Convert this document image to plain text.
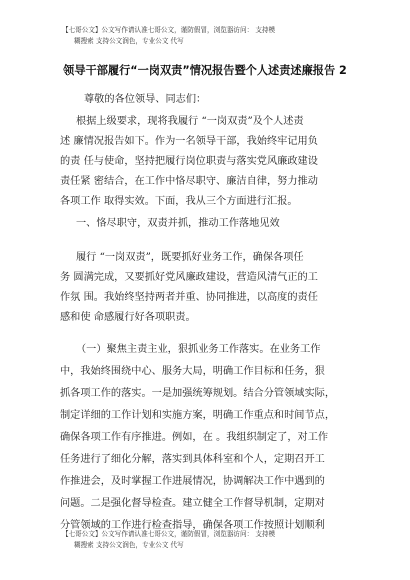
【七哥公文】公文写作请认准七哥公文，谨防假冒，浏览器访问： 支持模
糊搜索 支持公文润色，专业公文 代写
领导干部履行“一岗双责”情况报告暨个人述责述廉报告 2
尊敬的各位领导、同志们：
根据上级要求，现将我履行 “一岗双责”及个人述责
述 廉情况报告如下。作为一名领导干部，我始终牢记用负
的责 任与使命，坚持把履行岗位职责与落实党风廉政建设
责任紧 密结合，在工作中恪尽职守、廉洁自律，努力推动
各项工作 取得实效。下面，我从三个方面进行汇报。
一、恪尽职守，双责并抓，推动工作落地见效
履行 “一岗双责”，既要抓好业务工作，确保各项任
务 圆满完成，又要抓好党风廉政建设，营造风清气正的工
作氛 围。我始终坚持两者并重、协同推进，以高度的责任
感和使 命感履行好各项职责。
（一）聚焦主责主业，狠抓业务工作落实。在业务工作
中，我始终围绕中心、服务大局，明确工作目标和任务，狠
抓各项工作的落实。一是加强统筹规划。结合分管领域实际，
制定详细的工作计划和实施方案，明确工作重点和时间节点，
确保各项工作有序推进。例如，在 。我组织制定了，对工作
任务进行了细化分解，落实到具体科室和个人，定期召开工
作推进会，及时掌握工作进展情况，协调解决工作中遇到的
问题。二是强化督导检查。建立健全工作督导机制，定期对
分管领域的工作进行检查指导，确保各项工作按照计划顺利
【七哥公文】公文写作请认准七哥公文，谨防假冒，浏览器访问： 支持模
糊搜索 支持公文润色，专业公文 代写
